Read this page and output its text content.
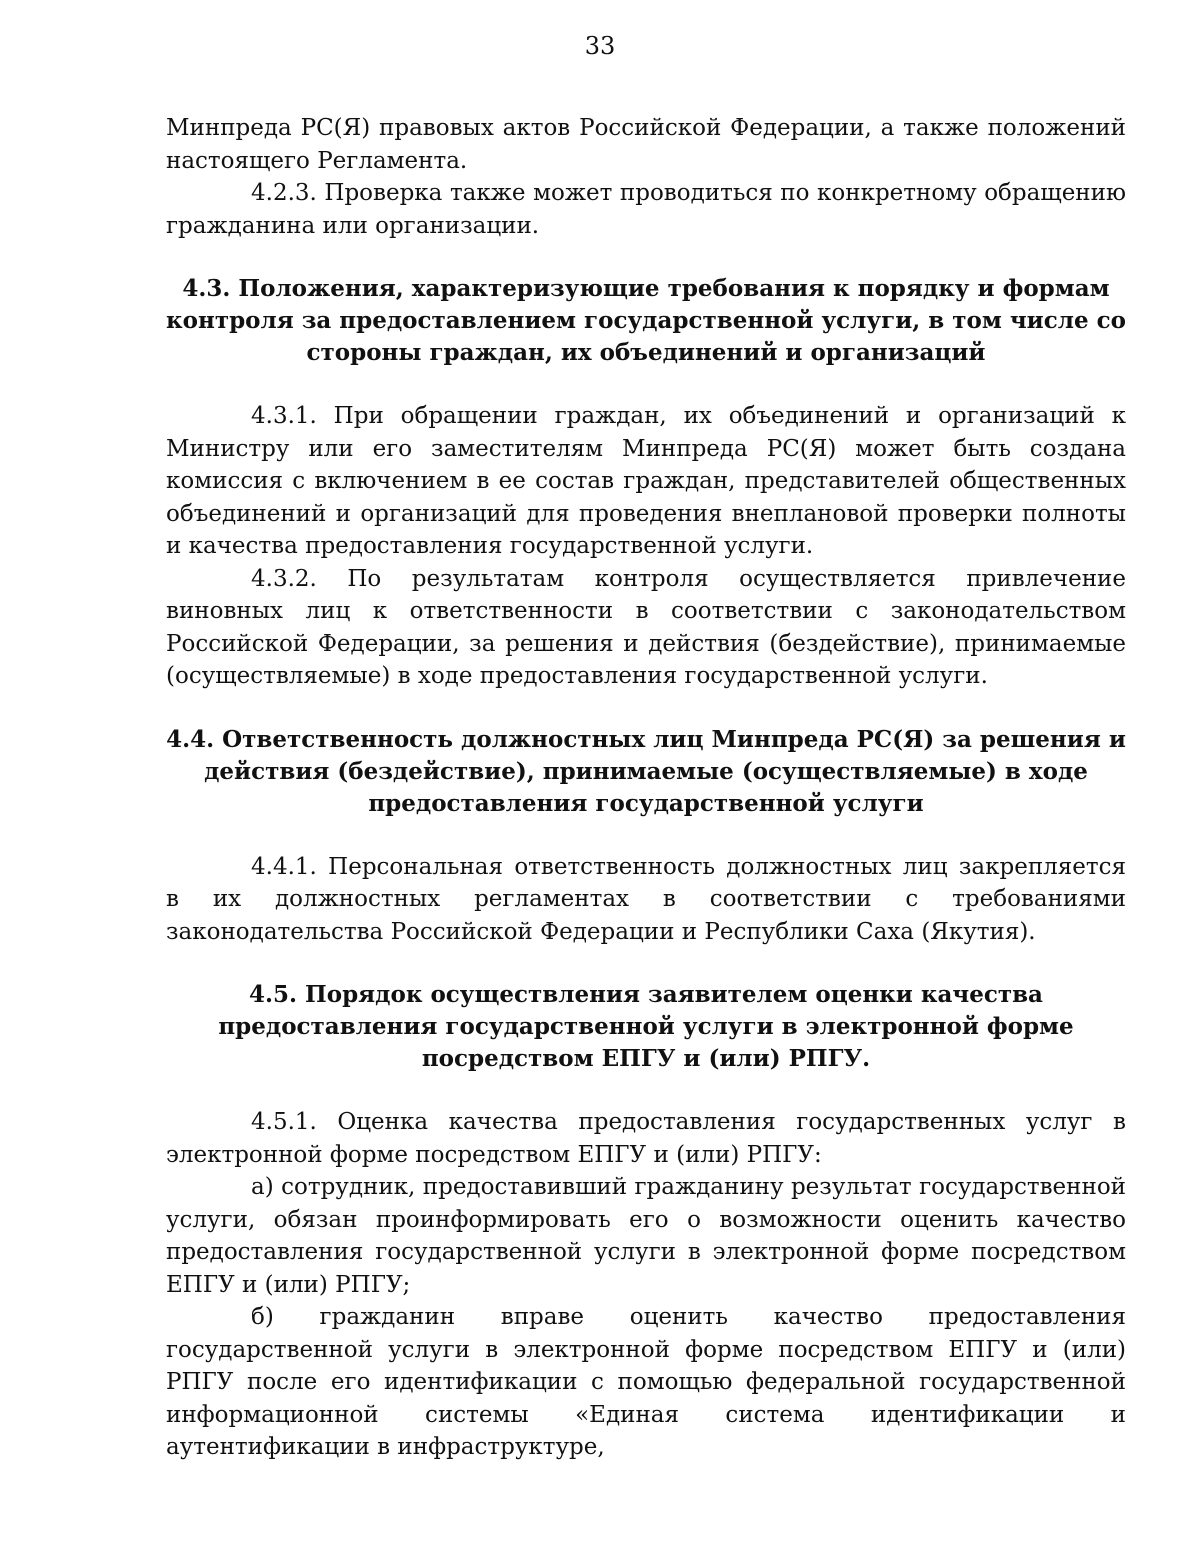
33

Минпреда РС(Я) правовых актов Российской Федерации, а также положений настоящего Регламента.

4.2.3. Проверка также может проводиться по конкретному обращению гражданина или организации.

4.3. Положения, характеризующие требования к порядку и формам контроля за предоставлением государственной услуги, в том числе со стороны граждан, их объединений и организаций

4.3.1. При обращении граждан, их объединений и организаций к Министру или его заместителям Минпреда РС(Я) может быть создана комиссия с включением в ее состав граждан, представителей общественных объединений и организаций для проведения внеплановой проверки полноты и качества предоставления государственной услуги.

4.3.2. По результатам контроля осуществляется привлечение виновных лиц к ответственности в соответствии с законодательством Российской Федерации, за решения и действия (бездействие), принимаемые (осуществляемые) в ходе предоставления государственной услуги.

4.4. Ответственность должностных лиц Минпреда РС(Я) за решения и действия (бездействие), принимаемые (осуществляемые) в ходе предоставления государственной услуги

4.4.1. Персональная ответственность должностных лиц закрепляется в их должностных регламентах в соответствии с требованиями законодательства Российской Федерации и Республики Саха (Якутия).

4.5. Порядок осуществления заявителем оценки качества предоставления государственной услуги в электронной форме посредством ЕПГУ и (или) РПГУ.

4.5.1. Оценка качества предоставления государственных услуг в электронной форме посредством ЕПГУ и (или) РПГУ:

а) сотрудник, предоставивший гражданину результат государственной услуги, обязан проинформировать его о возможности оценить качество предоставления государственной услуги в электронной форме посредством ЕПГУ и (или) РПГУ;

б) гражданин вправе оценить качество предоставления государственной услуги в электронной форме посредством ЕПГУ и (или) РПГУ после его идентификации с помощью федеральной государственной информационной системы «Единая система идентификации и аутентификации в инфраструктуре,
